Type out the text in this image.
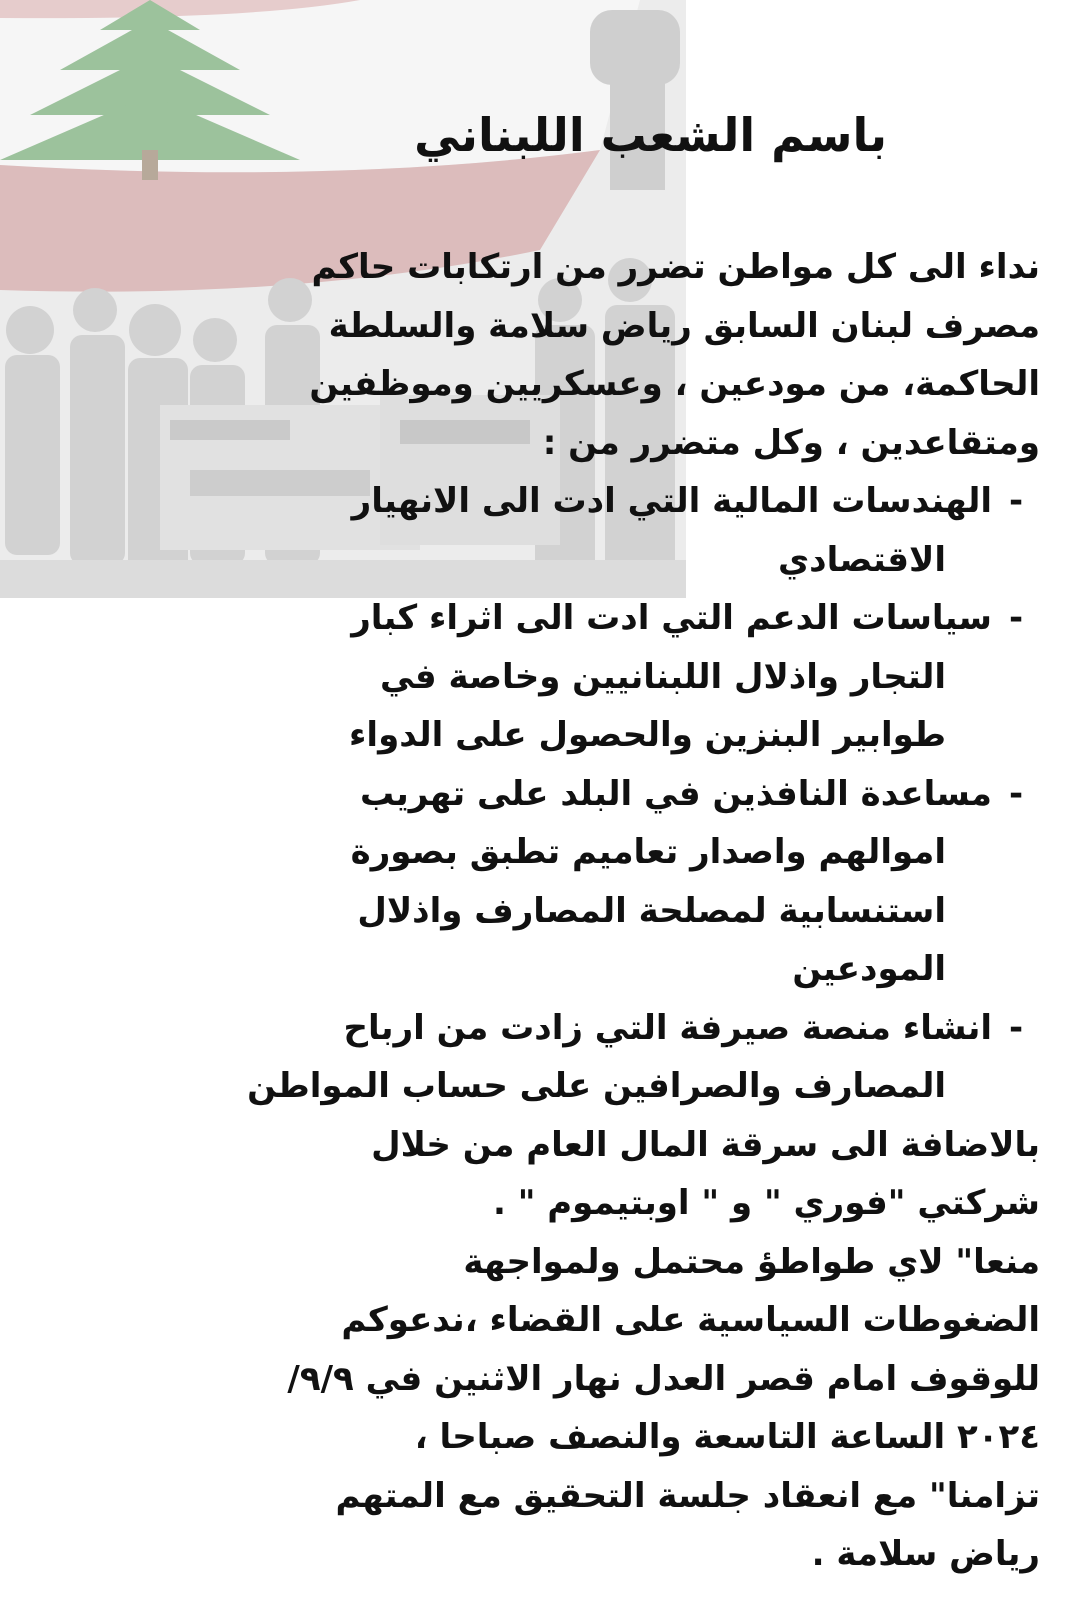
باسم الشعب اللبناني
نداء الى كل مواطن تضرر من ارتكابات حاكم
مصرف لبنان السابق رياض سلامة والسلطة
الحاكمة، من مودعين ، وعسكريين وموظفين
ومتقاعدين ، وكل متضرر من :
-الهندسات المالية التي ادت الى الانهيار
الاقتصادي
-سياسات الدعم التي ادت الى اثراء كبار
التجار واذلال اللبنانيين وخاصة في
طوابير البنزين والحصول على الدواء
-مساعدة النافذين في البلد على تهريب
اموالهم واصدار تعاميم تطبق بصورة
استنسابية لمصلحة المصارف واذلال
المودعين
-انشاء منصة صيرفة التي زادت من ارباح
المصارف والصرافين على حساب المواطن
بالاضافة الى سرقة المال العام من خلال
شركتي "فوري " و " اوبتيموم " .
منعا" لاي طواطؤ محتمل ولمواجهة
الضغوطات السياسية على القضاء ،ندعوكم
للوقوف امام قصر العدل نهار الاثنين في ٩/٩/
٢٠٢٤ الساعة التاسعة والنصف صباحا ،
تزامنا" مع انعقاد جلسة التحقيق مع المتهم
رياض سلامة .
